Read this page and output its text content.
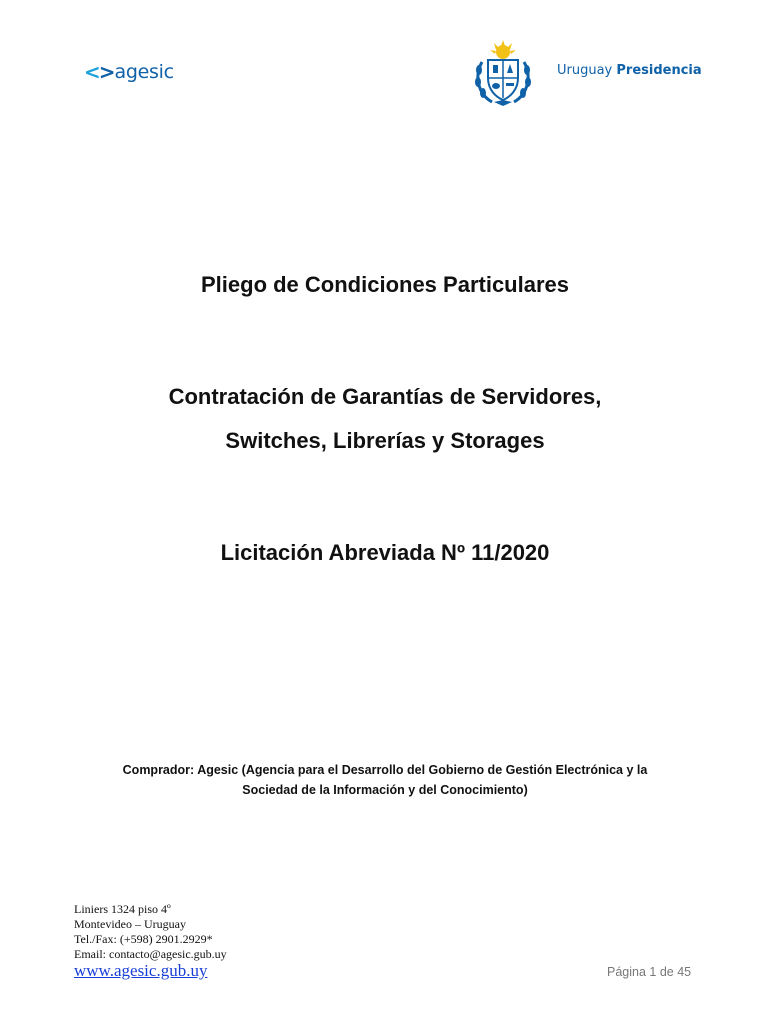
<> agesic	Uruguay Presidencia
Pliego de Condiciones Particulares
Contratación de Garantías de Servidores,
Switches, Librerías y Storages
Licitación Abreviada Nº 11/2020
Comprador: Agesic (Agencia para el Desarrollo del Gobierno de Gestión Electrónica y la
Sociedad de la Información y del Conocimiento)
Liniers 1324 piso 4º
Montevideo – Uruguay
Tel./Fax: (+598) 2901.2929*
Email: contacto@agesic.gub.uy
www.agesic.gub.uy	Página 1 de 45
